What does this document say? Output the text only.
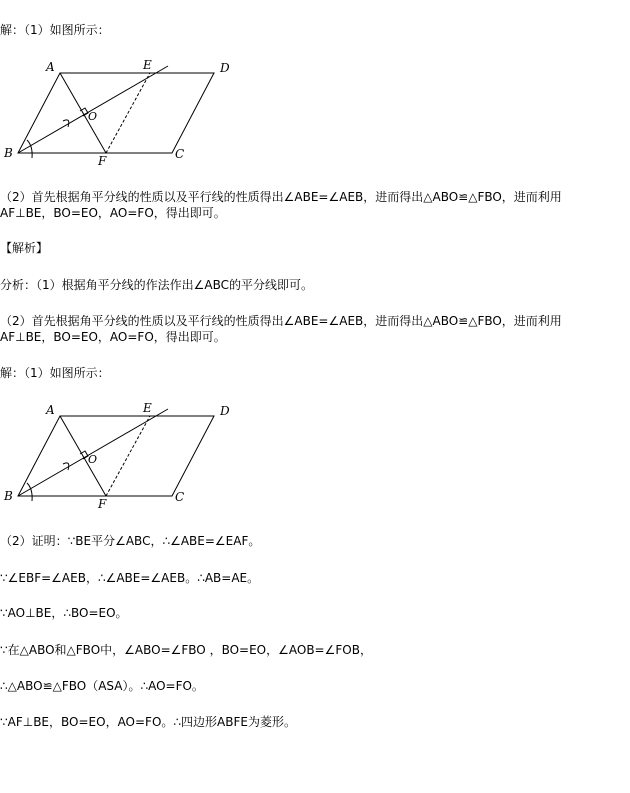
解：（1）如图所示：
A	E	D
O
B
F	C
（2）首先根据角平分线的性质以及平行线的性质得出∠ABE=∠AEB，进而得出△ABO≌△FBO，进而利用
AF⊥BE，BO=EO，AO=FO，得出即可。
【解析】
分析：（1）根据角平分线的作法作出∠ABC的平分线即可。
（2）首先根据角平分线的性质以及平行线的性质得出∠ABE=∠AEB，进而得出△ABO≌△FBO，进而利用
AF⊥BE，BO=EO，AO=FO，得出即可。
解：（1）如图所示：
A	E	D
O
B
F	C
（2）证明：∵BE平分∠ABC，∴∠ABE=∠EAF。
∵∠EBF=∠AEB，∴∠ABE=∠AEB。∴AB=AE。
∵AO⊥BE，∴BO=EO。
∵在△ABO和△FBO中，∠ABO=∠FBO ，BO=EO，∠AOB=∠FOB，
∴△ABO≌△FBO（ASA）。∴AO=FO。
∵AF⊥BE，BO=EO，AO=FO。∴四边形ABFE为菱形。
